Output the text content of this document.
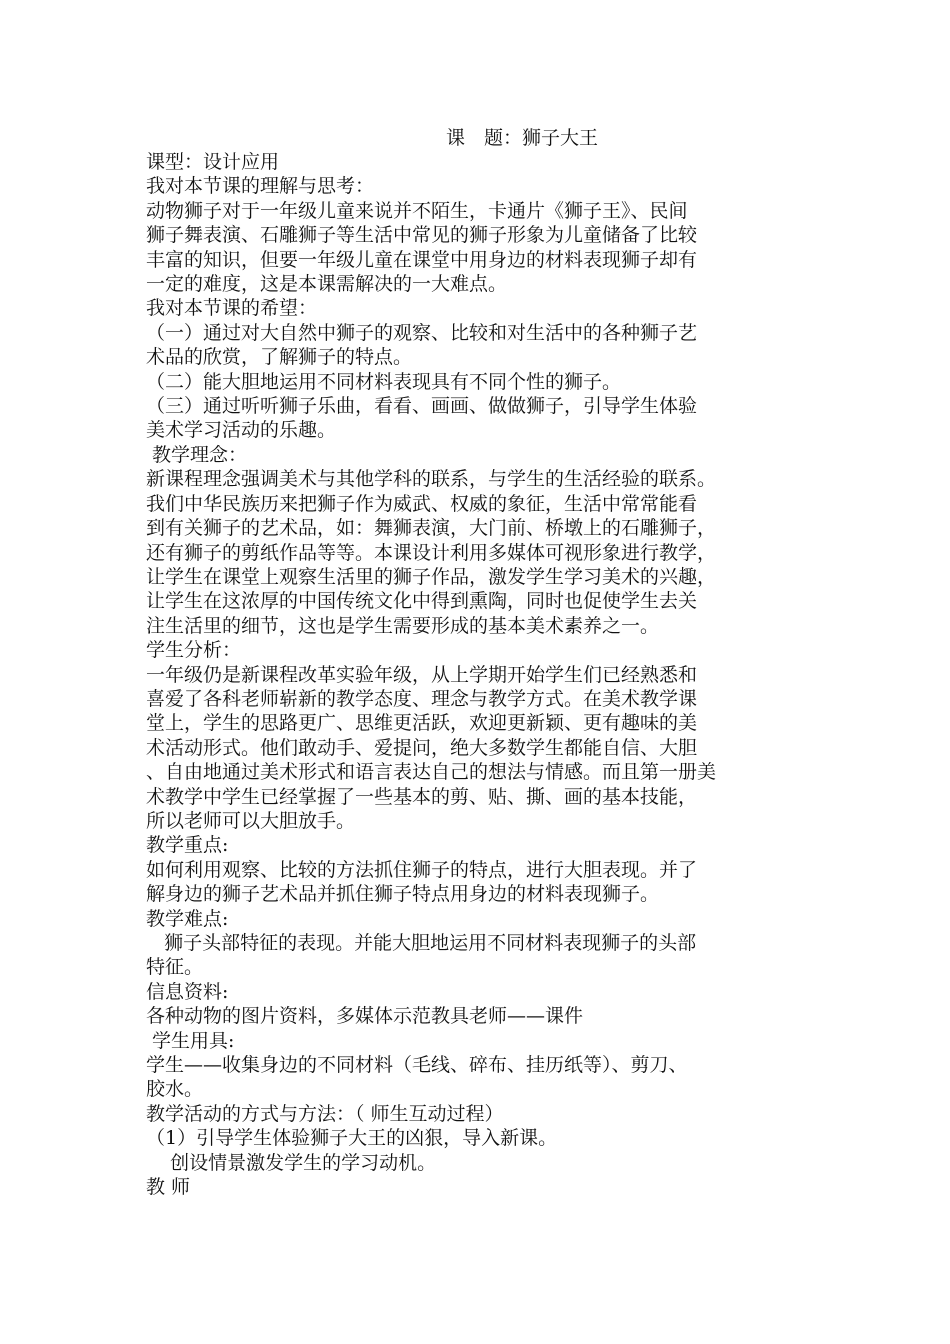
课　题：狮子大王
课型：设计应用
我对本节课的理解与思考：
动物狮子对于一年级儿童来说并不陌生，卡通片《狮子王》、民间
狮子舞表演、石雕狮子等生活中常见的狮子形象为儿童储备了比较
丰富的知识，但要一年级儿童在课堂中用身边的材料表现狮子却有
一定的难度，这是本课需解决的一大难点。
我对本节课的希望：
（一）通过对大自然中狮子的观察、比较和对生活中的各种狮子艺
术品的欣赏，了解狮子的特点。
（二）能大胆地运用不同材料表现具有不同个性的狮子。
（三）通过听听狮子乐曲，看看、画画、做做狮子，引导学生体验
美术学习活动的乐趣。
教学理念：
新课程理念强调美术与其他学科的联系，与学生的生活经验的联系。
我们中华民族历来把狮子作为威武、权威的象征，生活中常常能看
到有关狮子的艺术品，如：舞狮表演，大门前、桥墩上的石雕狮子，
还有狮子的剪纸作品等等。本课设计利用多媒体可视形象进行教学，
让学生在课堂上观察生活里的狮子作品，激发学生学习美术的兴趣，
让学生在这浓厚的中国传统文化中得到熏陶，同时也促使学生去关
注生活里的细节，这也是学生需要形成的基本美术素养之一。
学生分析：
一年级仍是新课程改革实验年级，从上学期开始学生们已经熟悉和
喜爱了各科老师崭新的教学态度、理念与教学方式。在美术教学课
堂上，学生的思路更广、思维更活跃，欢迎更新颖、更有趣味的美
术活动形式。他们敢动手、爱提问，绝大多数学生都能自信、大胆
、自由地通过美术形式和语言表达自己的想法与情感。而且第一册美
术教学中学生已经掌握了一些基本的剪、贴、撕、画的基本技能，
所以老师可以大胆放手。
教学重点:
如何利用观察、比较的方法抓住狮子的特点，进行大胆表现。并了
解身边的狮子艺术品并抓住狮子特点用身边的材料表现狮子。
教学难点:
狮子头部特征的表现。并能大胆地运用不同材料表现狮子的头部
特征。
信息资料:
各种动物的图片资料，多媒体示范教具老师——课件
学生用具:
学生——收集身边的不同材料（毛线、碎布、挂历纸等）、剪刀、
胶水。
教学活动的方式与方法：（ 师生互动过程）
（1）引导学生体验狮子大王的凶狠，导入新课。
创设情景激发学生的学习动机。
教 师
